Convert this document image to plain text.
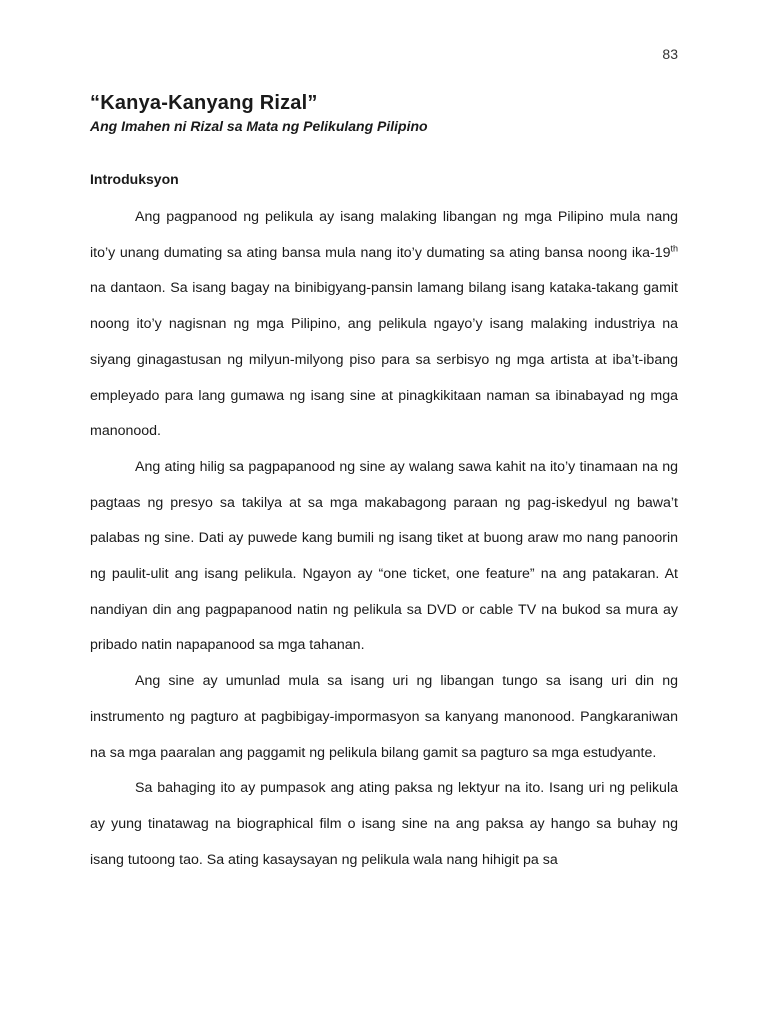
83
“Kanya-Kanyang Rizal”
Ang Imahen ni Rizal sa Mata ng Pelikulang Pilipino
Introduksyon

Ang pagpanood ng pelikula ay isang malaking libangan ng mga Pilipino mula nang ito’y unang dumating sa ating bansa mula nang ito’y dumating sa ating bansa noong ika-19th na dantaon. Sa isang bagay na binibigyang-pansin lamang bilang isang kataka-takang gamit noong ito’y nagisnan ng mga Pilipino, ang pelikula ngayo’y isang malaking industriya na siyang ginagastusan ng milyun-milyong piso para sa serbisyo ng mga artista at iba’t-ibang empleyado para lang gumawa ng isang sine at pinagkikitaan naman sa ibinabayad ng mga manonood.

Ang ating hilig sa pagpapanood ng sine ay walang sawa kahit na ito’y tinamaan na ng pagtaas ng presyo sa takilya at sa mga makabagong paraan ng pag-iskedyul ng bawa’t palabas ng sine. Dati ay puwede kang bumili ng isang tiket at buong araw mo nang panoorin ng paulit-ulit ang isang pelikula. Ngayon ay “one ticket, one feature” na ang patakaran. At nandiyan din ang pagpapanood natin ng pelikula sa DVD or cable TV na bukod sa mura ay pribado natin napapanood sa mga tahanan.

Ang sine ay umunlad mula sa isang uri ng libangan tungo sa isang uri din ng instrumento ng pagturo at pagbibigay-impormasyon sa kanyang manonood. Pangkaraniwan na sa mga paaralan ang paggamit ng pelikula bilang gamit sa pagturo sa mga estudyante.

Sa bahaging ito ay pumpasok ang ating paksa ng lektyur na ito. Isang uri ng pelikula ay yung tinatawag na biographical film o isang sine na ang paksa ay hango sa buhay ng isang tutoong tao. Sa ating kasaysayan ng pelikula wala nang hihigit pa sa
